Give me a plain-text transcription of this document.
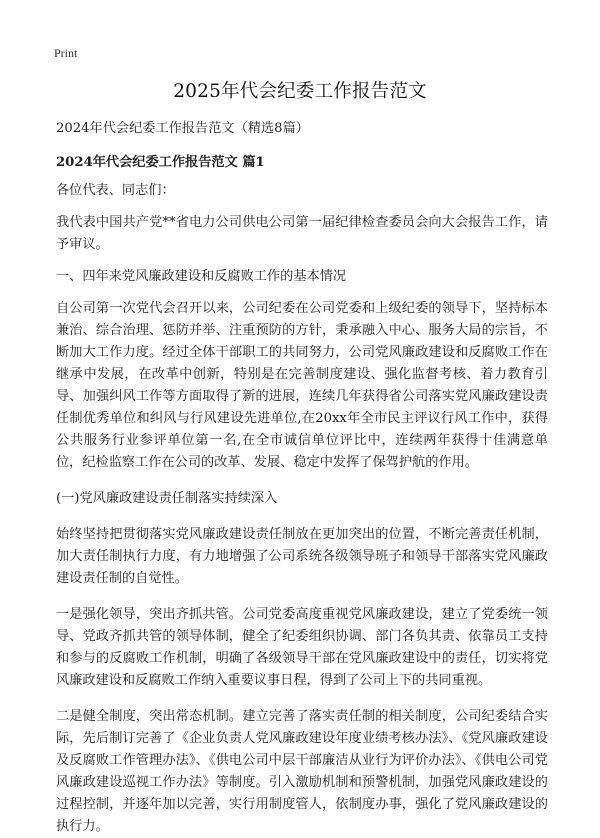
Print
2025年代会纪委工作报告范文

2024年代会纪委工作报告范文（精选8篇）

2024年代会纪委工作报告范文 篇1

各位代表、同志们：

我代表中国共产党**省电力公司供电公司第一届纪律检查委员会向大会报告工作，请予审议。

一、四年来党风廉政建设和反腐败工作的基本情况

自公司第一次党代会召开以来，公司纪委在公司党委和上级纪委的领导下，坚持标本兼治、综合治理、惩防并举、注重预防的方针，秉承融入中心、服务大局的宗旨，不断加大工作力度。经过全体干部职工的共同努力，公司党风廉政建设和反腐败工作在继承中发展，在改革中创新，特别是在完善制度建设、强化监督考核、着力教育引导、加强纠风工作等方面取得了新的进展，连续几年获得省公司落实党风廉政建设责任制优秀单位和纠风与行风建设先进单位,在20xx年全市民主评议行风工作中，获得公共服务行业参评单位第一名,在全市诚信单位评比中，连续两年获得十佳满意单位，纪检监察工作在公司的改革、发展、稳定中发挥了保驾护航的作用。

(一)党风廉政建设责任制落实持续深入

始终坚持把贯彻落实党风廉政建设责任制放在更加突出的位置，不断完善责任机制，加大责任制执行力度，有力地增强了公司系统各级领导班子和领导干部落实党风廉政建设责任制的自觉性。

一是强化领导，突出齐抓共管。公司党委高度重视党风廉政建设，建立了党委统一领导、党政齐抓共管的领导体制，健全了纪委组织协调、部门各负其责、依靠员工支持和参与的反腐败工作机制，明确了各级领导干部在党风廉政建设中的责任，切实将党风廉政建设和反腐败工作纳入重要议事日程，得到了公司上下的共同重视。

二是健全制度，突出常态机制。建立完善了落实责任制的相关制度，公司纪委结合实际，先后制订完善了《企业负责人党风廉政建设年度业绩考核办法》、《党风廉政建设及反腐败工作管理办法》、《供电公司中层干部廉洁从业行为评价办法》、《供电公司党风廉政建设巡视工作办法》等制度。引入激励机制和预警机制，加强党风廉政建设的过程控制，并逐年加以完善，实行用制度管人，依制度办事，强化了党风廉政建设的执行力。
